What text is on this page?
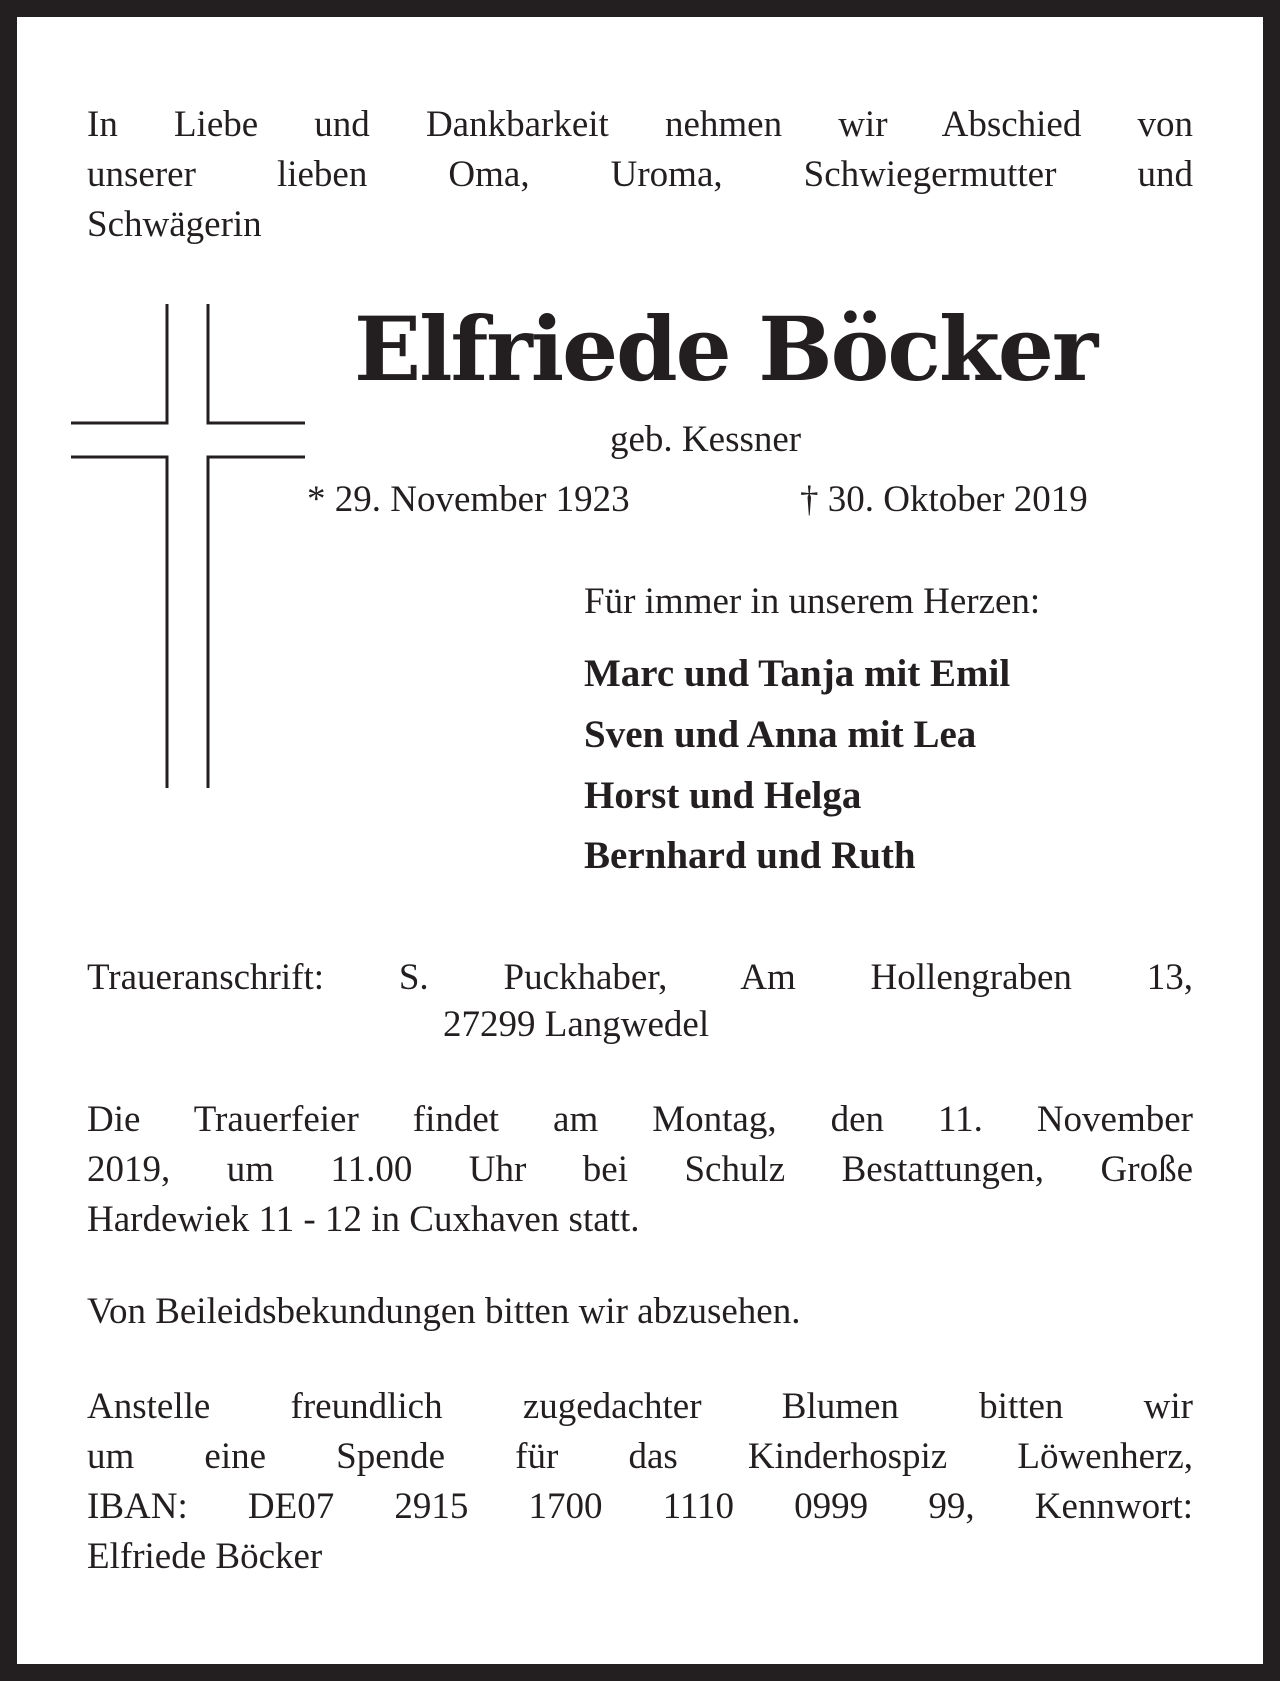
In Liebe und Dankbarkeit nehmen wir Abschied von
unserer lieben Oma, Uroma, Schwiegermutter und
Schwägerin
Elfriede Böcker
geb. Kessner
* 29. November 1923	† 30. Oktober 2019
Für immer in unserem Herzen:
Marc und Tanja mit Emil
Sven und Anna mit Lea
Horst und Helga
Bernhard und Ruth
Traueranschrift: S. Puckhaber, Am Hollengraben 13,
27299 Langwedel
Die Trauerfeier findet am Montag, den 11. November
2019, um 11.00 Uhr bei Schulz Bestattungen, Große
Hardewiek 11 - 12 in Cuxhaven statt.
Von Beileidsbekundungen bitten wir abzusehen.
Anstelle freundlich zugedachter Blumen bitten wir
um eine Spende für das Kinderhospiz Löwenherz,
IBAN: DE07 2915 1700 1110 0999 99, Kennwort:
Elfriede Böcker
